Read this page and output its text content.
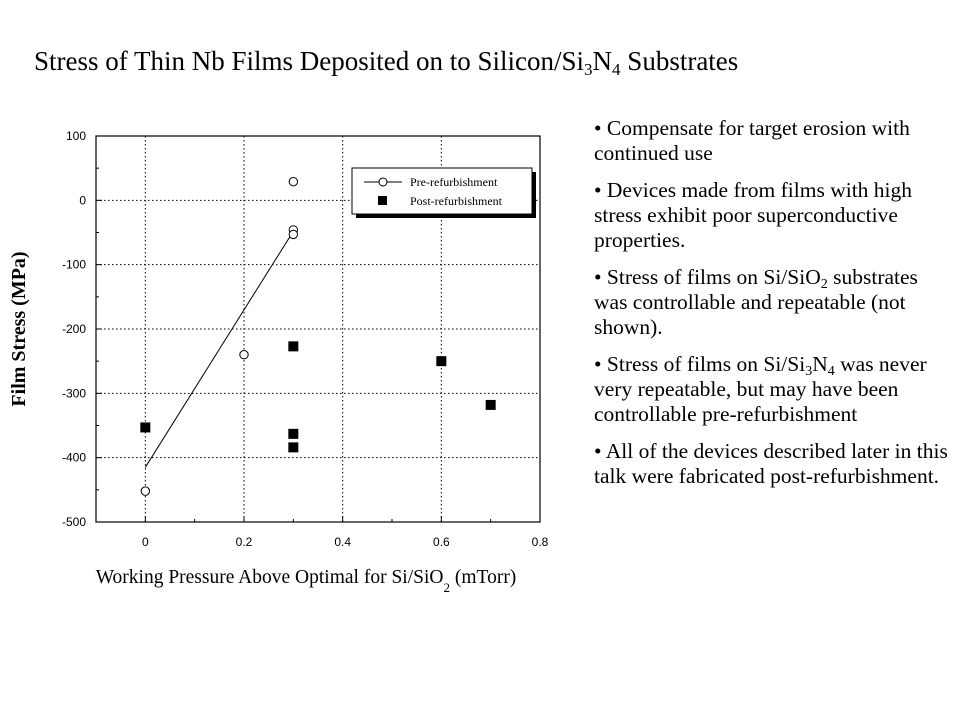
Stress of Thin Nb Films Deposited on to Silicon/$Si_3N_4$ Substrates
0	0.2	0.4	0.6	0.8
100
0
-100
-200
-300
-400
-500
Film Stress (MPa)
Working Pressure Above Optimal for Si/SiO$_2$ (mTorr)
Pre-refurbishment
Post-refurbishment
• Compensate for target erosion with continued use
• Devices made from films with high stress exhibit poor superconductive properties.
• Stress of films on Si/SiO$_2$ substrates was controllable and repeatable (not shown).
• Stress of films on $Si/Si_3N_4$ was never very repeatable, but may have been controllable pre-refurbishment
• All of the devices described later in this talk were fabricated post-refurbishment.
